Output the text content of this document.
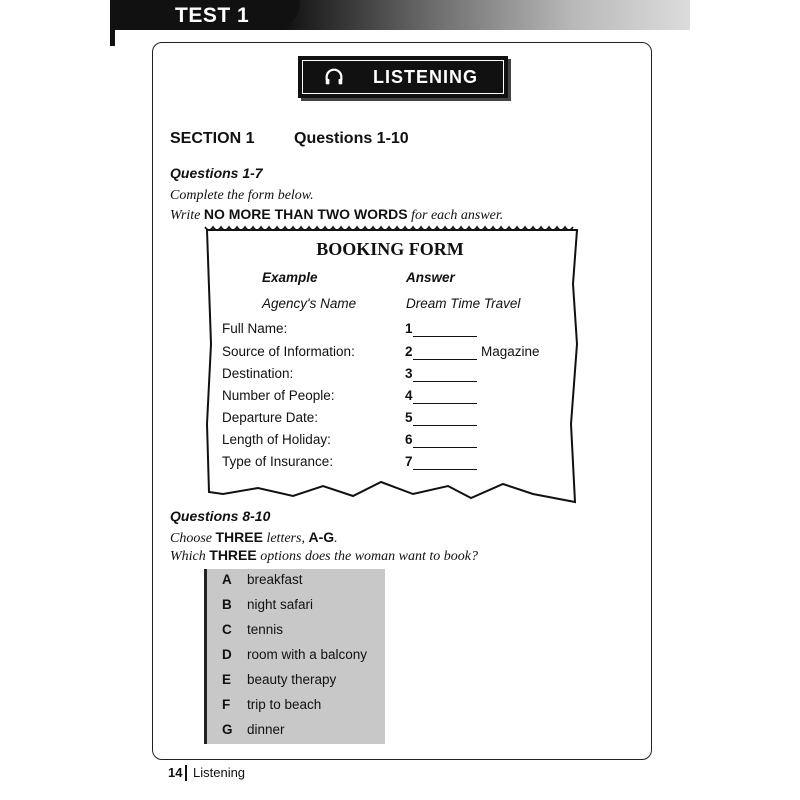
TEST 1
LISTENING
SECTION 1 Questions 1-10
Questions 1-7
Complete the form below.
Write NO MORE THAN TWO WORDS for each answer.
BOOKING FORM
Example	Answer
Agency's Name	Dream Time Travel
Full Name:	1
Source of Information:	2	Magazine
Destination:	3
Number of People:	4
Departure Date:	5
Length of Holiday:	6
Type of Insurance:	7
Questions 8-10
Choose THREE letters, A-G.
Which THREE options does the woman want to book?
A breakfast
B night safari
C tennis
D room with a balcony
E beauty therapy
F trip to beach
G dinner
14 Listening
